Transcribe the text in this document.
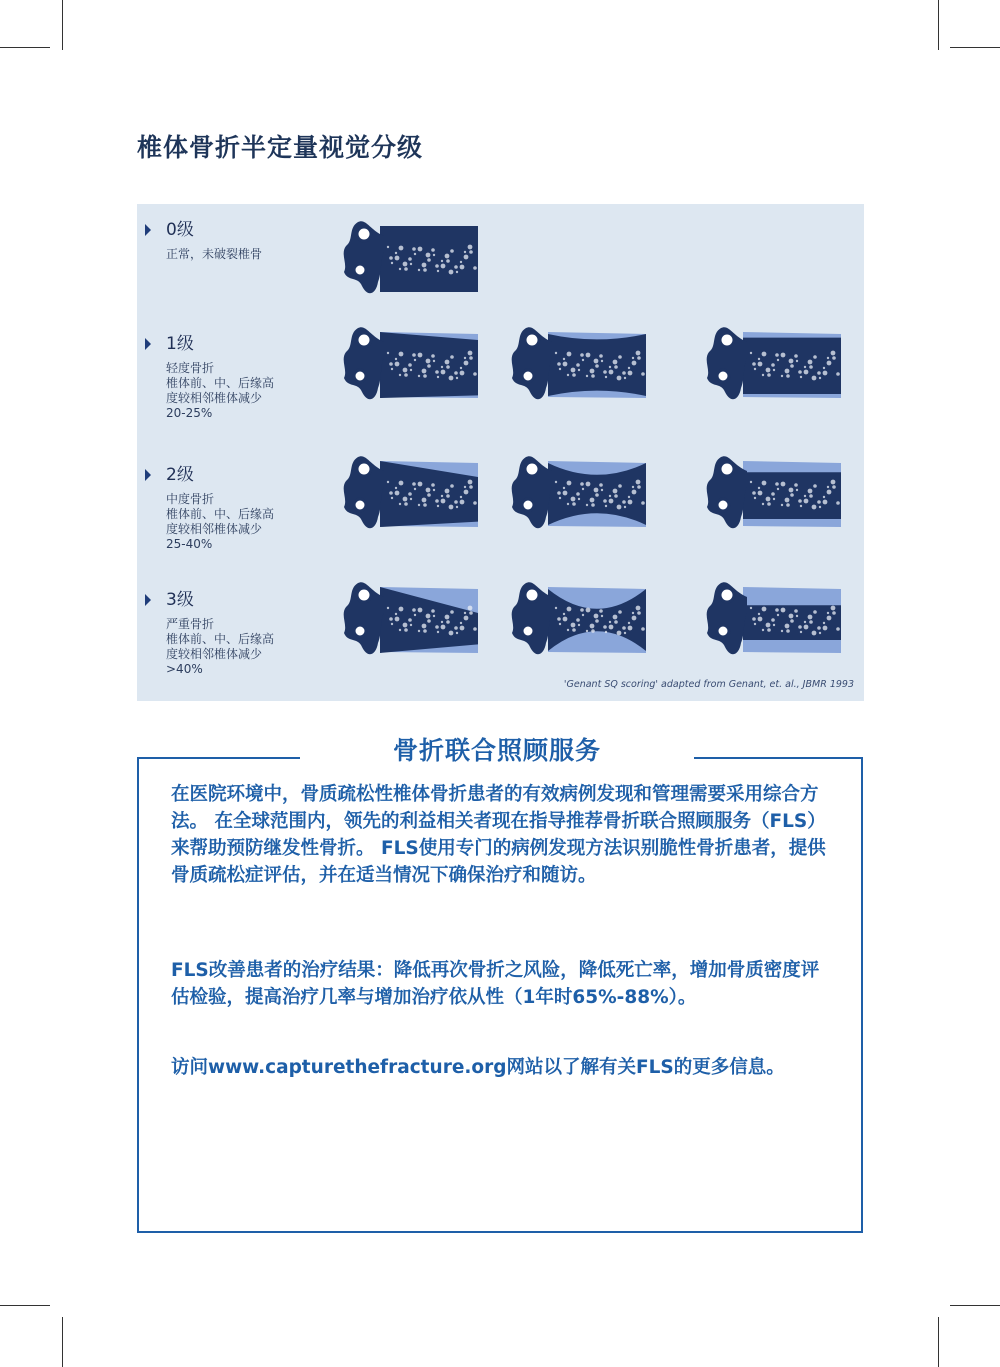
椎体骨折半定量视觉分级
0级
正常，未破裂椎骨
1级
轻度骨折
椎体前、中、后缘高
度较相邻椎体减少
20-25%
2级
中度骨折
椎体前、中、后缘高
度较相邻椎体减少
25-40%
3级
严重骨折
椎体前、中、后缘高
度较相邻椎体减少
>40%
'Genant SQ scoring' adapted from Genant, et. al., JBMR 1993
骨折联合照顾服务

在医院环境中，骨质疏松性椎体骨折患者的有效病例发现和管理需要采用综合方法。 在全球范围内，领先的利益相关者现在指导推荐骨折联合照顾服务（FLS）来帮助预防继发性骨折。 FLS使用专门的病例发现方法识别脆性骨折患者，提供骨质疏松症评估，并在适当情况下确保治疗和随访。

FLS改善患者的治疗结果：降低再次骨折之风险，降低死亡率，增加骨质密度评估检验，提高治疗几率与增加治疗依从性（1年时65%-88%）。

访问www.capturethefracture.org网站以了解有关FLS的更多信息。
